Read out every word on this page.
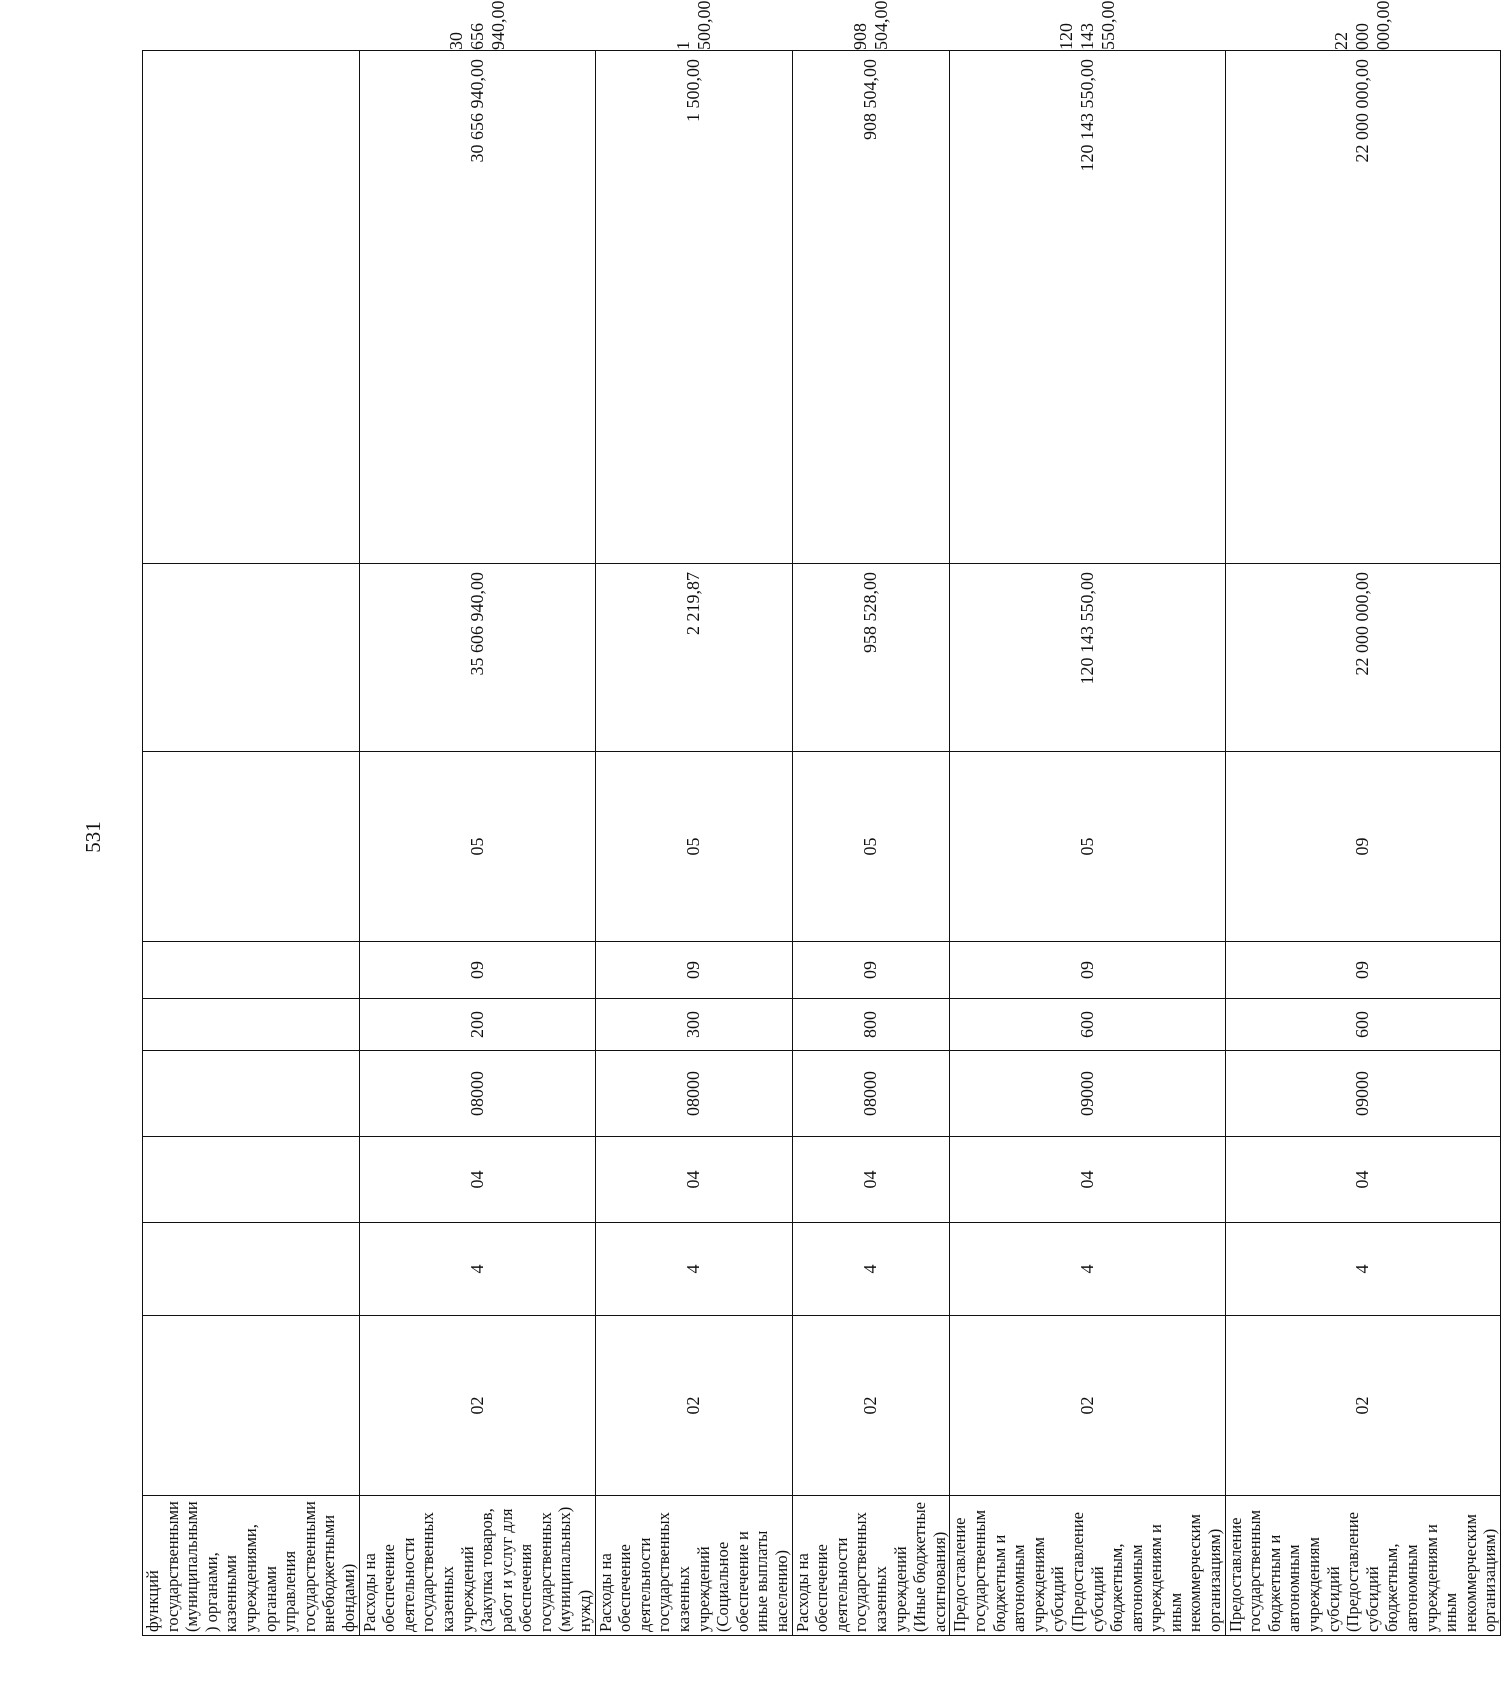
531
функций государственными (муниципальными) органами, казенными учреждениями, органами управления государственными внебюджетными фондами)										
Расходы на обеспечение деятельности государственных казенных учреждений (Закупка товаров, работ и услуг для обеспечения государственных (муниципальных) нужд)	02	4	04	08000	200	09	05	35 606 940,00	30 656 940,00	30 656 940,00
Расходы на обеспечение деятельности государственных казенных учреждений (Социальное обеспечение и иные выплаты населению)	02	4	04	08000	300	09	05	2 219,87	1 500,00	1 500,00
Расходы на обеспечение деятельности государственных казенных учреждений (Иные бюджетные ассигнования)	02	4	04	08000	800	09	05	958 528,00	908 504,00	908 504,00
Предоставление государственным бюджетным и автономным учреждениям субсидий (Предоставление субсидий бюджетным, автономным учреждениям и иным некоммерческим организациям)	02	4	04	09000	600	09	05	120 143 550,00	120 143 550,00	120 143 550,00
Предоставление государственным бюджетным и автономным учреждениям субсидий (Предоставление субсидий бюджетным, автономным учреждениям и иным некоммерческим организациям)	02	4	04	09000	600	09	09	22 000 000,00	22 000 000,00	22 000 000,00
